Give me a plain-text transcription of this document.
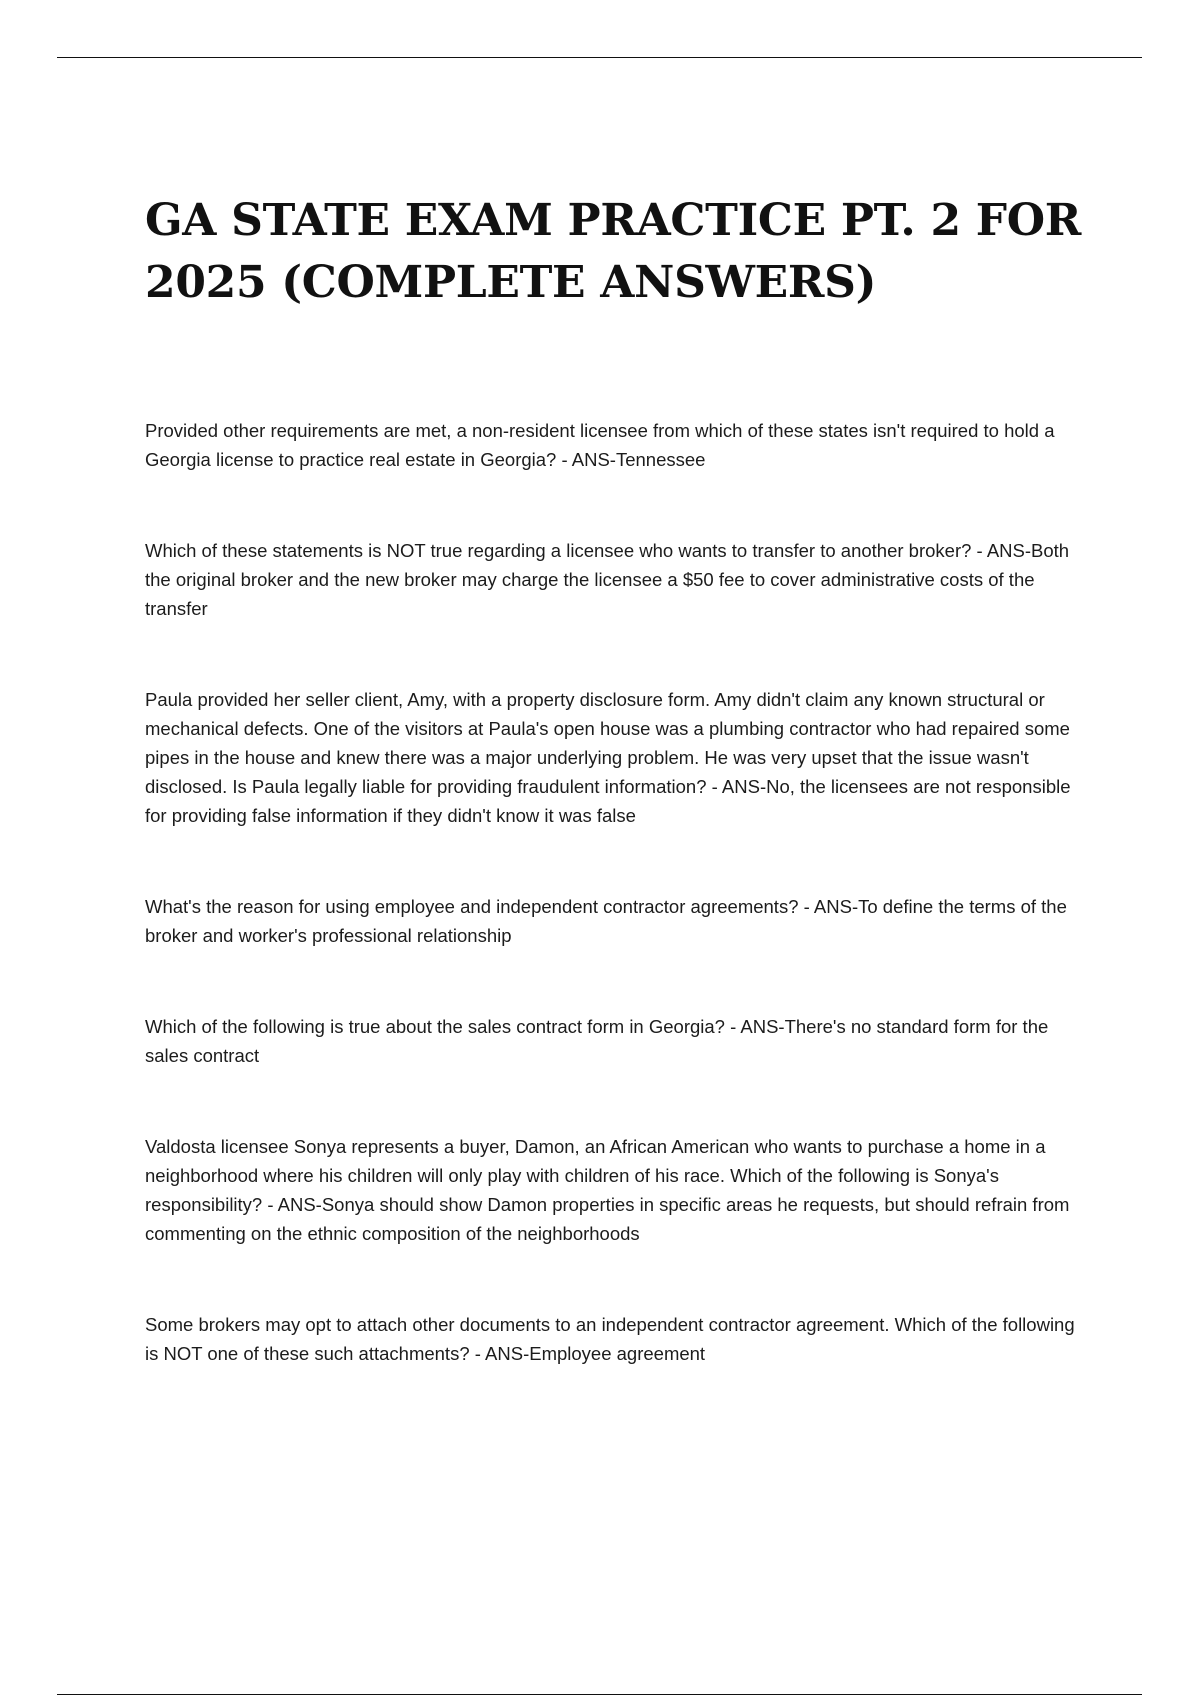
GA STATE EXAM PRACTICE PT. 2 FOR 2025 (COMPLETE ANSWERS)
Provided other requirements are met, a non-resident licensee from which of these states isn't required to hold a Georgia license to practice real estate in Georgia? - ANS-Tennessee
Which of these statements is NOT true regarding a licensee who wants to transfer to another broker? - ANS-Both the original broker and the new broker may charge the licensee a $50 fee to cover administrative costs of the transfer
Paula provided her seller client, Amy, with a property disclosure form. Amy didn't claim any known structural or mechanical defects. One of the visitors at Paula's open house was a plumbing contractor who had repaired some pipes in the house and knew there was a major underlying problem. He was very upset that the issue wasn't disclosed. Is Paula legally liable for providing fraudulent information? - ANS-No, the licensees are not responsible for providing false information if they didn't know it was false
What's the reason for using employee and independent contractor agreements? - ANS-To define the terms of the broker and worker's professional relationship
Which of the following is true about the sales contract form in Georgia? - ANS-There's no standard form for the sales contract
Valdosta licensee Sonya represents a buyer, Damon, an African American who wants to purchase a home in a neighborhood where his children will only play with children of his race. Which of the following is Sonya's responsibility? - ANS-Sonya should show Damon properties in specific areas he requests, but should refrain from commenting on the ethnic composition of the neighborhoods
Some brokers may opt to attach other documents to an independent contractor agreement. Which of the following is NOT one of these such attachments? - ANS-Employee agreement
